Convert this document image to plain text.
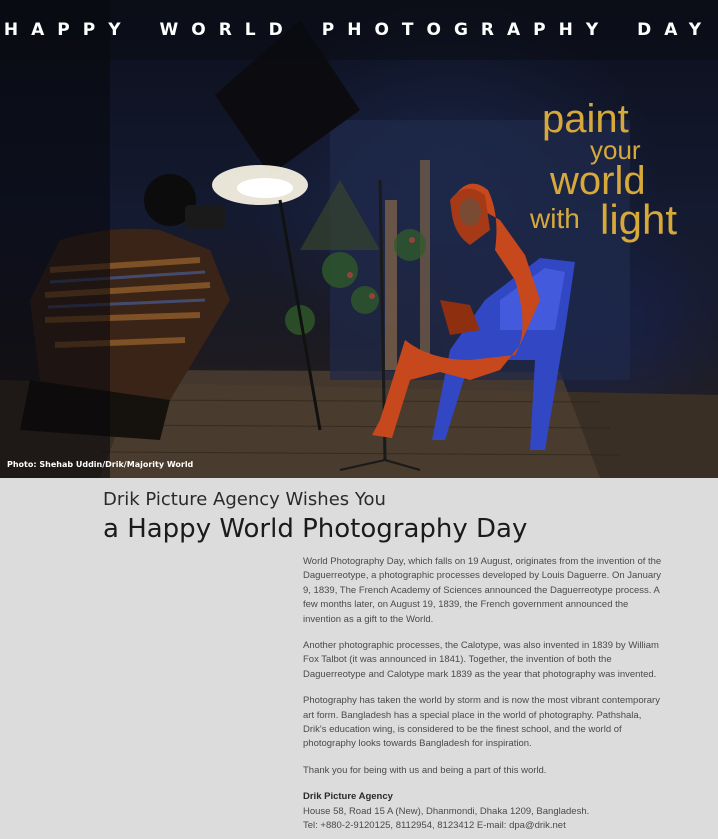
HAPPY WORLD PHOTOGRAPHY DAY
paint
your
world
with light
Photo: Shehab Uddin/Drik/Majority World
Drik Picture Agency Wishes You
a Happy World Photography Day

World Photography Day, which falls on 19 August, originates from the invention of the Daguerreotype, a photographic processes developed by Louis Daguerre. On January 9, 1839, The French Academy of Sciences announced the Daguerreotype process. A few months later, on August 19, 1839, the French government announced the invention as a gift to the World.

Another photographic processes, the Calotype, was also invented in 1839 by William Fox Talbot (it was announced in 1841). Together, the invention of both the Daguerreotype and Calotype mark 1839 as the year that photography was invented.

Photography has taken the world by storm and is now the most vibrant contemporary art form. Bangladesh has a special place in the world of photography. Pathshala, Drik's education wing, is considered to be the finest school, and the world of photography looks towards Bangladesh for inspiration.

Thank you for being with us and being a part of this world.

Drik Picture Agency
House 58, Road 15 A (New), Dhanmondi, Dhaka 1209, Bangladesh.
Tel: +880-2-9120125, 8112954, 8123412 E-mail: dpa@drik.net
